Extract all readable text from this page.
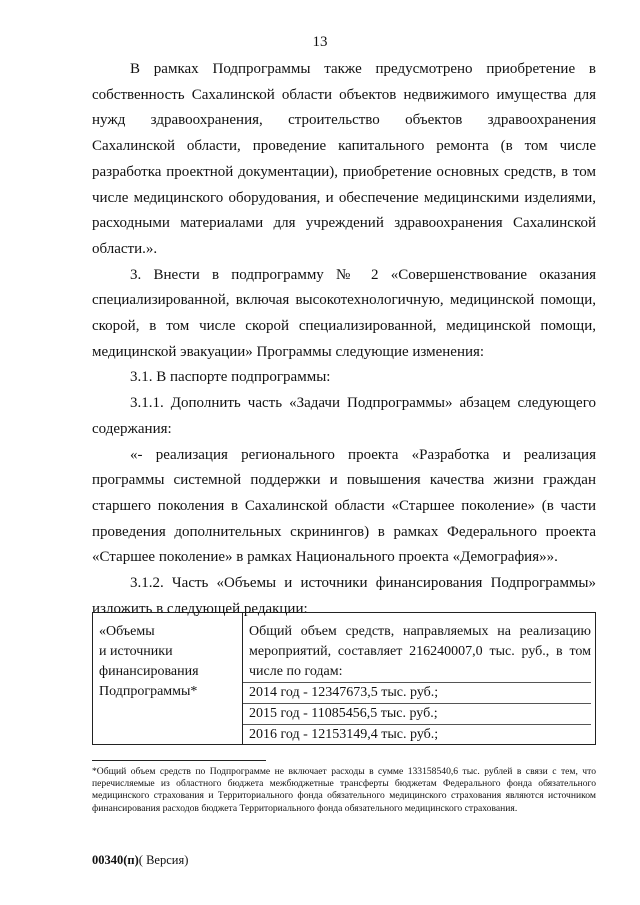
13

В рамках Подпрограммы также предусмотрено приобретение в собственность Сахалинской области объектов недвижимого имущества для нужд здравоохранения, строительство объектов здравоохранения Сахалинской области, проведение капитального ремонта (в том числе разработка проектной документации), приобретение основных средств, в том числе медицинского оборудования, и обеспечение медицинскими изделиями, расходными материалами для учреждений здравоохранения Сахалинской области.».

3. Внести в подпрограмму № 2 «Совершенствование оказания специализированной, включая высокотехнологичную, медицинской помощи, скорой, в том числе скорой специализированной, медицинской помощи, медицинской эвакуации» Программы следующие изменения:

3.1. В паспорте подпрограммы:

3.1.1. Дополнить часть «Задачи Подпрограммы» абзацем следующего содержания:

«- реализация регионального проекта «Разработка и реализация программы системной поддержки и повышения качества жизни граждан старшего поколения в Сахалинской области «Старшее поколение» (в части проведения дополнительных скринингов) в рамках Федерального проекта «Старшее поколение» в рамках Национального проекта «Демография»».

3.1.2. Часть «Объемы и источники финансирования Подпрограммы» изложить в следующей редакции:

«Объемы
и источники
финансирования
Подпрограммы*
Общий объем средств, направляемых на реализацию мероприятий, составляет 216240007,0 тыс. руб., в том числе по годам:
2014 год - 12347673,5 тыс. руб.;
2015 год - 11085456,5 тыс. руб.;
2016 год - 12153149,4 тыс. руб.;
*Общий объем средств по Подпрограмме не включает расходы в сумме 133158540,6 тыс. рублей в связи с тем, что перечисляемые из областного бюджета межбюджетные трансферты бюджетам Федерального фонда обязательного медицинского страхования и Территориального фонда обязательного медицинского страхования являются источником финансирования расходов бюджета Территориального фонда обязательного медицинского страхования.
00340(п)( Версия)
